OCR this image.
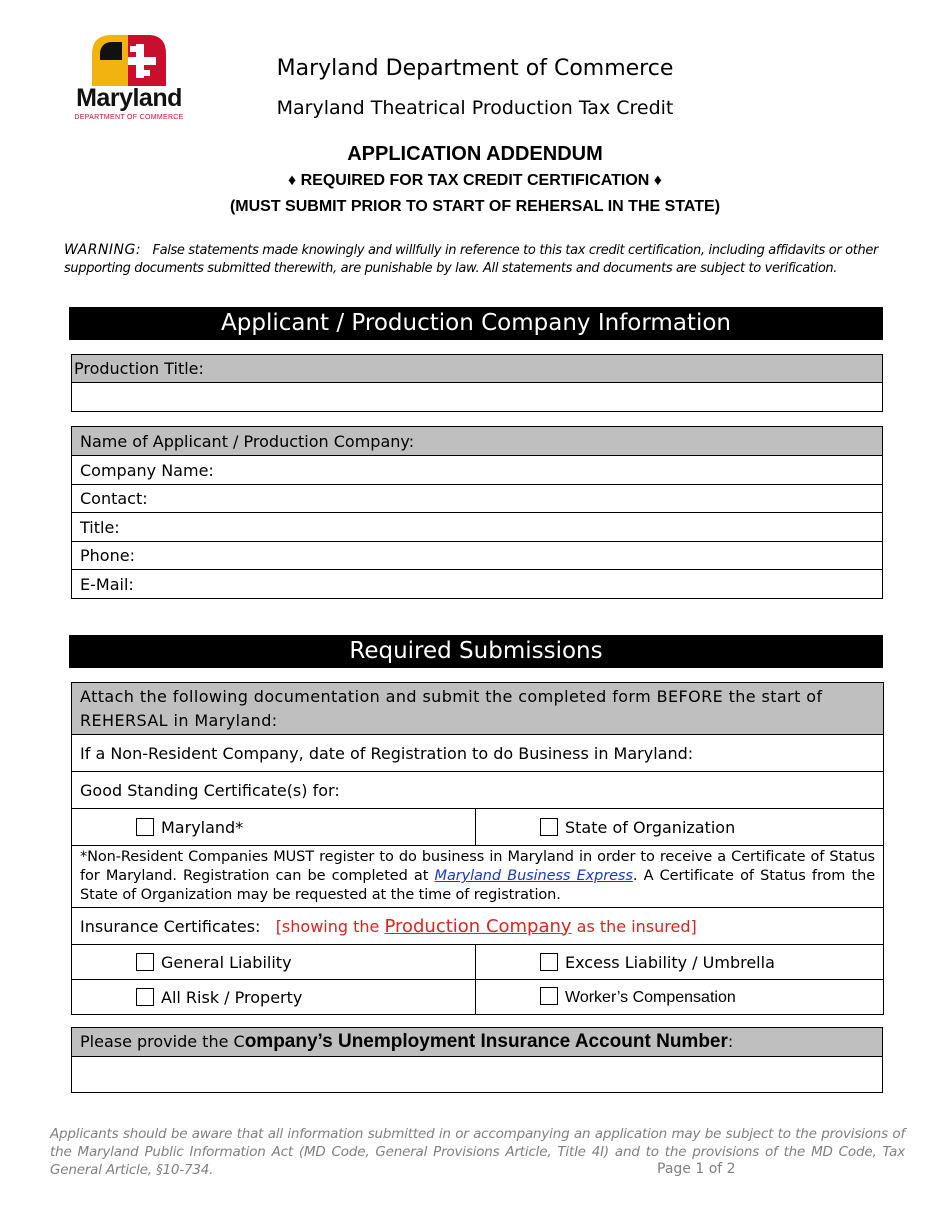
Maryland
DEPARTMENT OF COMMERCE
Maryland Department of Commerce
Maryland Theatrical Production Tax Credit
APPLICATION ADDENDUM
♦ REQUIRED FOR TAX CREDIT CERTIFICATION ♦
(MUST SUBMIT PRIOR TO START OF REHERSAL IN THE STATE)
WARNING: False statements made knowingly and willfully in reference to this tax credit certification, including affidavits or other supporting documents submitted therewith, are punishable by law. All statements and documents are subject to verification.
Applicant / Production Company Information
Production Title:

Name of Applicant / Production Company:
Company Name:
Contact:
Title:
Phone:
E-Mail:
Required Submissions
Attach the following documentation and submit the completed form BEFORE the start of REHERSAL in Maryland:	
If a Non-Resident Company, date of Registration to do Business in Maryland:	
Good Standing Certificate(s) for:	
Maryland*	State of Organization
*Non-Resident Companies MUST register to do business in Maryland in order to receive a Certificate of Status for Maryland. Registration can be completed at Maryland Business Express. A Certificate of Status from the State of Organization may be requested at the time of registration.	
Insurance Certificates: [showing the Production Company as the insured]	
General Liability	Excess Liability / Umbrella
All Risk / Property	Worker’s Compensation
Please provide the Company’s Unemployment Insurance Account Number:

Applicants should be aware that all information submitted in or accompanying an application may be subject to the provisions of the Maryland Public Information Act (MD Code, General Provisions Article, Title 4I) and to the provisions of the MD Code, Tax General Article, §10-734.	Page 1 of 2
